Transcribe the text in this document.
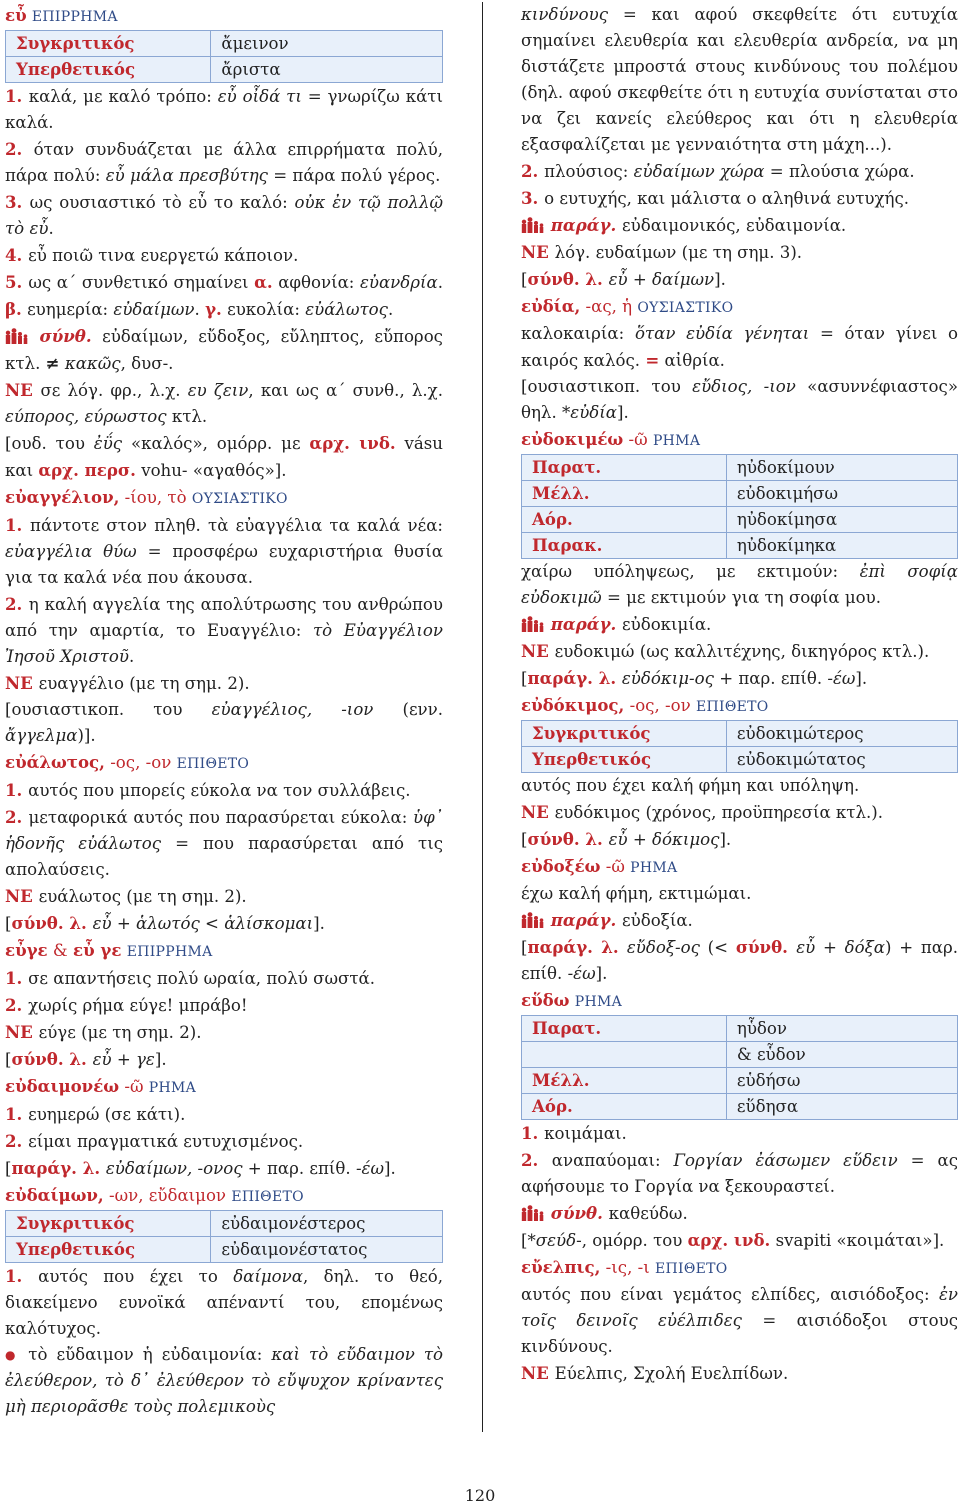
εὖ ΕΠΙΡΡΗΜΑ

Συγκριτικός	ἄμεινον
Υπερθετικός	ἄριστα

1. καλά, με καλό τρόπο: εὖ οἶδά τι = γνωρίζω κάτι καλά.

2. όταν συνδυάζεται με άλλα επιρρήματα πολύ, πάρα πολύ: εὖ μάλα πρεσβύτης = πάρα πολύ γέρος.

3. ως ουσιαστικό τὸ εὖ το καλό: οὐκ ἐν τῷ πολλῷ τὸ εὖ.

4. εὖ ποιῶ τινα ευεργετώ κάποιον.

5. ως α΄ συνθετικό σημαίνει α. αφθονία: εὐανδρία. β. ευημερία: εὐδαίμων. γ. ευκολία: εὐάλωτος.

σύνθ. εὐδαίμων, εὔδοξος, εὔληπτος, εὔπορος κτλ. ≠ κακῶς, δυσ-.

ΝΕ σε λόγ. φρ., λ.χ. ευ ζειν, και ως α΄ συνθ., λ.χ. εύπορος, εύρωστος κτλ.

[ουδ. του ἐΰς «καλός», ομόρρ. με αρχ. ινδ. vásu και αρχ. περσ. vohu- «αγαθός»].

εὐαγγέλιον, -ίου, τὸ ΟΥΣΙΑΣΤΙΚΟ

1. πάντοτε στον πληθ. τὰ εὐαγγέλια τα καλά νέα: εὐαγγέλια θύω = προσφέρω ευχαριστήρια θυσία για τα καλά νέα που άκουσα.

2. η καλή αγγελία της απολύτρωσης του ανθρώπου από την αμαρτία, το Ευαγγέλιο: τὸ Εὐαγγέλιον Ἰησοῦ Χριστοῦ.

ΝΕ ευαγγέλιο (με τη σημ. 2).

[ουσιαστικοπ. του εὐαγγέλιος, -ιον (ενν. ἄγγελμα)].

εὐάλωτος, -ος, -ον ΕΠΙΘΕΤΟ

1. αυτός που μπορείς εύκολα να τον συλλάβεις.

2. μεταφορικά αυτός που παρασύρεται εύκολα: ὑφ᾽ ἡδονῆς εὐάλωτος = που παρασύρεται από τις απολαύσεις.

ΝΕ ευάλωτος (με τη σημ. 2).

[σύνθ. λ. εὖ + ἁλωτός < ἁλίσκομαι].

εὖγε & εὖ γε ΕΠΙΡΡΗΜΑ

1. σε απαντήσεις πολύ ωραία, πολύ σωστά.

2. χωρίς ρήμα εύγε! μπράβο!

ΝΕ εύγε (με τη σημ. 2).

[σύνθ. λ. εὖ + γε].

εὐδαιμονέω -ῶ ΡΗΜΑ

1. ευημερώ (σε κάτι).

2. είμαι πραγματικά ευτυχισμένος.

[παράγ. λ. εὐδαίμων, -ονος + παρ. επίθ. -έω].

εὐδαίμων, -ων, εὔδαιμον ΕΠΙΘΕΤΟ

Συγκριτικός	εὐδαιμονέστερος
Υπερθετικός	εὐδαιμονέστατος

1. αυτός που έχει το δαίμονα, δηλ. το θεό, διακείμενο ευνοϊκά απέναντί του, επομένως καλότυχος.

● τὸ εὔδαιμον ἡ εὐδαιμονία: καὶ τὸ εὔδαιμον τὸ ἐλεύθερον, τὸ δ᾽ ἐλεύθερον τὸ εὔψυχον κρίναντες μὴ περιορᾶσθε τοὺς πολεμικοὺς

κινδύνους = και αφού σκεφθείτε ότι ευτυχία σημαίνει ελευθερία και ελευθερία ανδρεία, να μη διστάζετε μπροστά στους κινδύνους του πολέμου (δηλ. αφού σκεφθείτε ότι η ευτυχία συνίσταται στο να ζει κανείς ελεύθερος και ότι η ελευθερία εξασφαλίζεται με γενναιότητα στη μάχη...).

2. πλούσιος: εὐδαίμων χώρα = πλούσια χώρα.

3. ο ευτυχής, και μάλιστα ο αληθινά ευτυχής.

παράγ. εὐδαιμονικός, εὐδαιμονία.

ΝΕ λόγ. ευδαίμων (με τη σημ. 3).

[σύνθ. λ. εὖ + δαίμων].

εὐδία, -ας, ἡ ΟΥΣΙΑΣΤΙΚΟ

καλοκαιρία: ὅταν εὐδία γένηται = όταν γίνει ο καιρός καλός. = αἰθρία.

[ουσιαστικοπ. του εὔδιος, -ιον «ασυννέφιαστος» θηλ. *εὐδία].

εὐδοκιμέω -ῶ ΡΗΜΑ

Παρατ.	ηὐδοκίμουν
Μέλλ.	εὐδοκιμήσω
Αόρ.	ηὐδοκίμησα
Παρακ.	ηὐδοκίμηκα

χαίρω υπόληψεως, με εκτιμούν: ἐπὶ σοφίᾳ εὐδοκιμῶ = με εκτιμούν για τη σοφία μου.

παράγ. εὐδοκιμία.

ΝΕ ευδοκιμώ (ως καλλιτέχνης, δικηγόρος κτλ.).

[παράγ. λ. εὐδόκιμ-ος + παρ. επίθ. -έω].

εὐδόκιμος, -ος, -ον ΕΠΙΘΕΤΟ

Συγκριτικός	εὐδοκιμώτερος
Υπερθετικός	εὐδοκιμώτατος

αυτός που έχει καλή φήμη και υπόληψη.

ΝΕ ευδόκιμος (χρόνος, προϋπηρεσία κτλ.).

[σύνθ. λ. εὖ + δόκιμος].

εὐδοξέω -ῶ ΡΗΜΑ

έχω καλή φήμη, εκτιμώμαι.

παράγ. εὐδοξία.

[παράγ. λ. εὔδοξ-ος (< σύνθ. εὖ + δόξα) + παρ. επίθ. -έω].

εὕδω ΡΗΜΑ

Παρατ.	ηὗδον
	& εὗδον
Μέλλ.	εὑδήσω
Αόρ.	εὕδησα

1. κοιμάμαι.

2. αναπαύομαι: Γοργίαν ἐάσωμεν εὕδειν = ας αφήσουμε το Γοργία να ξεκουραστεί.

σύνθ. καθεύδω.

[*σεύδ-, ομόρρ. του αρχ. ινδ. svapiti «κοιμάται»].

εὔελπις, -ις, -ι ΕΠΙΘΕΤΟ

αυτός που είναι γεμάτος ελπίδες, αισιόδοξος: ἐν τοῖς δεινοῖς εὐέλπιδες = αισιόδοξοι στους κινδύνους.

ΝΕ Εύελπις, Σχολή Ευελπίδων.

120
